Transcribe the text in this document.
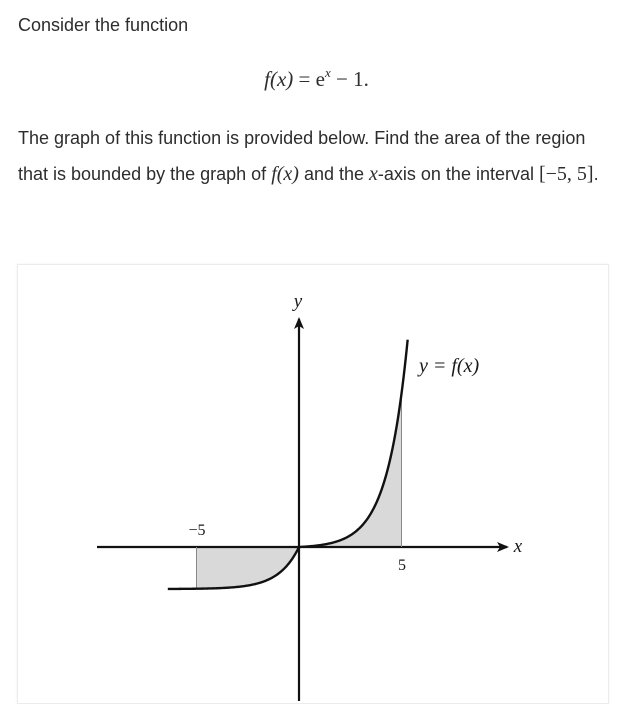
Consider the function
$f(x) = e^x - 1$.
The graph of this function is provided below. Find the area of the region that is bounded by the graph of f(x) and the x-axis on the interval [−5, 5].
x
y
−5
5
y = f(x)
